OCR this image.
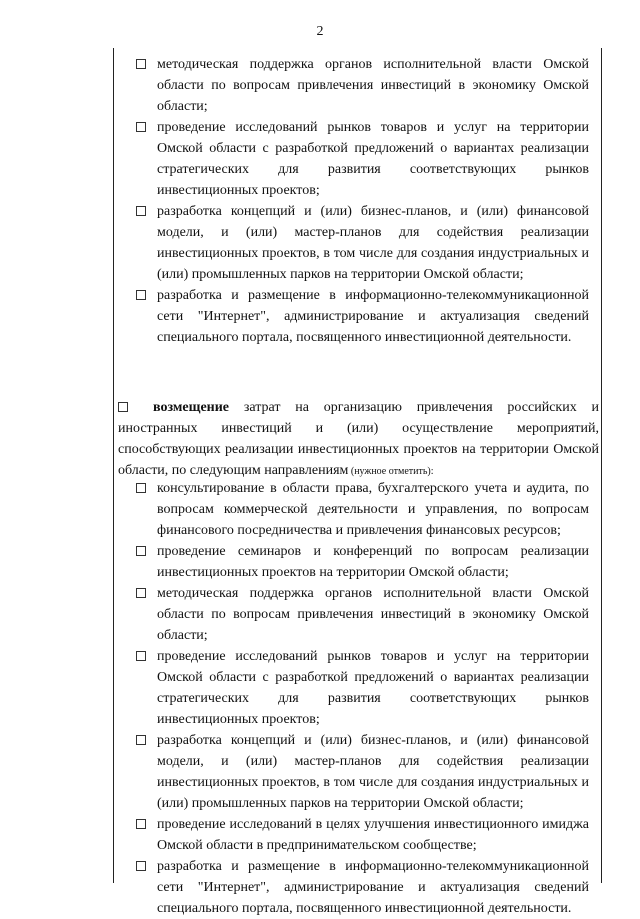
2
методическая поддержка органов исполнительной власти Омской области по вопросам привлечения инвестиций в экономику Омской области;
проведение исследований рынков товаров и услуг на территории Омской области с разработкой предложений о вариантах реализации стратегических для развития соответствующих рынков инвестиционных проектов;
разработка концепций и (или) бизнес-планов, и (или) финансовой модели, и (или) мастер-планов для содействия реализации инвестиционных проектов, в том числе для создания индустриальных и (или) промышленных парков на территории Омской области;
разработка и размещение в информационно-телекоммуникационной сети "Интернет", администрирование и актуализация сведений специального портала, посвященного инвестиционной деятельности.
возмещение затрат на организацию привлечения российских и иностранных инвестиций и (или) осуществление мероприятий, способствующих реализации инвестиционных проектов на территории Омской области, по следующим направлениям (нужное отметить):
консультирование в области права, бухгалтерского учета и аудита, по вопросам коммерческой деятельности и управления, по вопросам финансового посредничества и привлечения финансовых ресурсов;
проведение семинаров и конференций по вопросам реализации инвестиционных проектов на территории Омской области;
методическая поддержка органов исполнительной власти Омской области по вопросам привлечения инвестиций в экономику Омской области;
проведение исследований рынков товаров и услуг на территории Омской области с разработкой предложений о вариантах реализации стратегических для развития соответствующих рынков инвестиционных проектов;
разработка концепций и (или) бизнес-планов, и (или) финансовой модели, и (или) мастер-планов для содействия реализации инвестиционных проектов, в том числе для создания индустриальных и (или) промышленных парков на территории Омской области;
проведение исследований в целях улучшения инвестиционного имиджа Омской области в предпринимательском сообществе;
разработка и размещение в информационно-телекоммуникационной сети "Интернет", администрирование и актуализация сведений специального портала, посвященного инвестиционной деятельности.
